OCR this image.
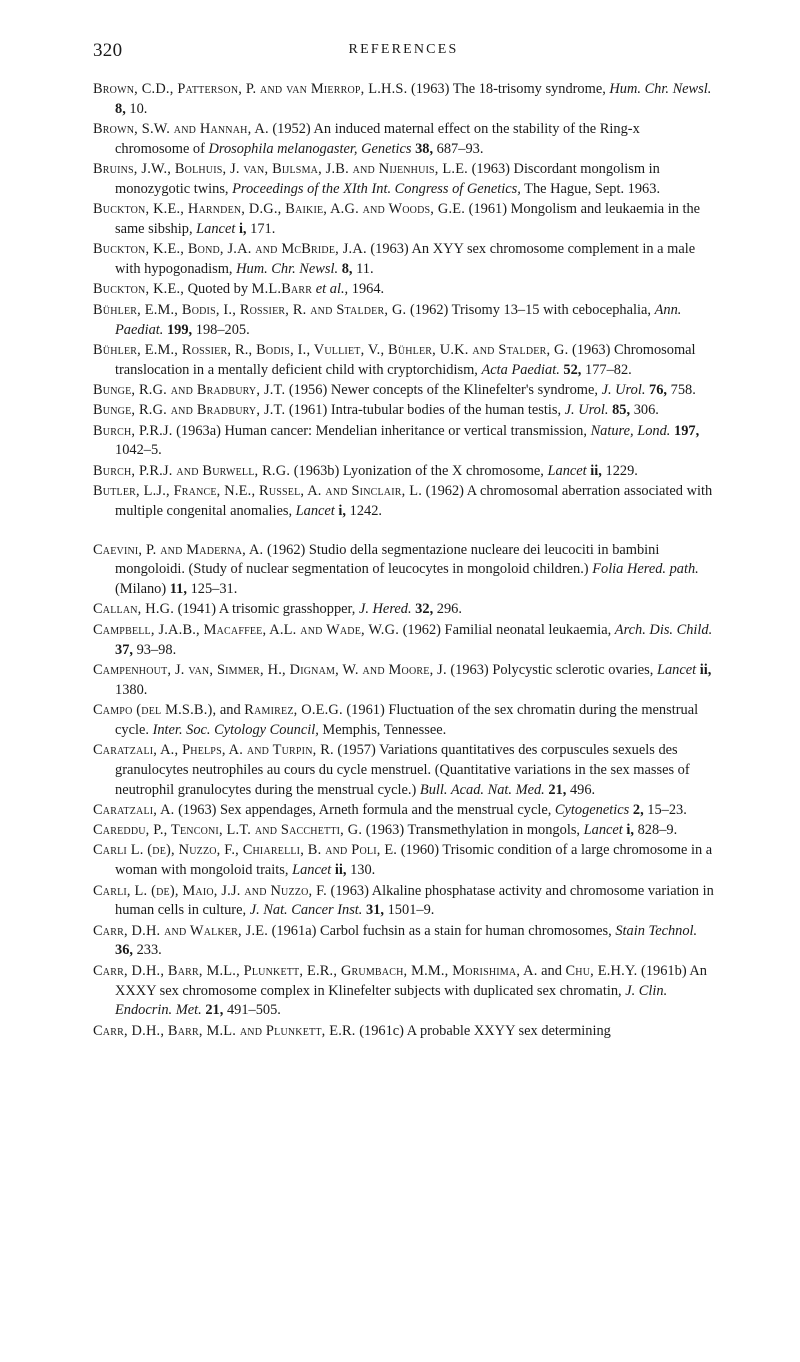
320	REFERENCES
Brown, C.D., Patterson, P. and van Mierrop, L.H.S. (1963) The 18-trisomy syndrome, Hum. Chr. Newsl. 8, 10.
Brown, S.W. and Hannah, A. (1952) An induced maternal effect on the stability of the Ring-x chromosome of Drosophila melanogaster, Genetics 38, 687–93.
Bruins, J.W., Bolhuis, J. van, Bijlsma, J.B. and Nijenhuis, L.E. (1963) Discordant mongolism in monozygotic twins, Proceedings of the XIth Int. Congress of Genetics, The Hague, Sept. 1963.
Buckton, K.E., Harnden, D.G., Baikie, A.G. and Woods, G.E. (1961) Mongolism and leukaemia in the same sibship, Lancet i, 171.
Buckton, K.E., Bond, J.A. and McBride, J.A. (1963) An XYY sex chromosome complement in a male with hypogonadism, Hum. Chr. Newsl. 8, 11.
Buckton, K.E., Quoted by M.L.Barr et al., 1964.
Bühler, E.M., Bodis, I., Rossier, R. and Stalder, G. (1962) Trisomy 13–15 with cebocephalia, Ann. Paediat. 199, 198–205.
Bühler, E.M., Rossier, R., Bodis, I., Vulliet, V., Bühler, U.K. and Stalder, G. (1963) Chromosomal translocation in a mentally deficient child with cryptorchidism, Acta Paediat. 52, 177–82.
Bunge, R.G. and Bradbury, J.T. (1956) Newer concepts of the Klinefelter's syndrome, J. Urol. 76, 758.
Bunge, R.G. and Bradbury, J.T. (1961) Intra-tubular bodies of the human testis, J. Urol. 85, 306.
Burch, P.R.J. (1963a) Human cancer: Mendelian inheritance or vertical transmission, Nature, Lond. 197, 1042–5.
Burch, P.R.J. and Burwell, R.G. (1963b) Lyonization of the X chromosome, Lancet ii, 1229.
Butler, L.J., France, N.E., Russel, A. and Sinclair, L. (1962) A chromosomal aberration associated with multiple congenital anomalies, Lancet i, 1242.
Caevini, P. and Maderna, A. (1962) Studio della segmentazione nucleare dei leucociti in bambini mongoloidi. (Study of nuclear segmentation of leucocytes in mongoloid children.) Folia Hered. path. (Milano) 11, 125–31.
Callan, H.G. (1941) A trisomic grasshopper, J. Hered. 32, 296.
Campbell, J.A.B., Macaffee, A.L. and Wade, W.G. (1962) Familial neonatal leukaemia, Arch. Dis. Child. 37, 93–98.
Campenhout, J. van, Simmer, H., Dignam, W. and Moore, J. (1963) Polycystic sclerotic ovaries, Lancet ii, 1380.
Campo (del M.S.B.), and Ramirez, O.E.G. (1961) Fluctuation of the sex chromatin during the menstrual cycle. Inter. Soc. Cytology Council, Memphis, Tennessee.
Caratzali, A., Phelps, A. and Turpin, R. (1957) Variations quantitatives des corpuscules sexuels des granulocytes neutrophiles au cours du cycle menstruel. (Quantitative variations in the sex masses of neutrophil granulocytes during the menstrual cycle.) Bull. Acad. Nat. Med. 21, 496.
Caratzali, A. (1963) Sex appendages, Arneth formula and the menstrual cycle, Cytogenetics 2, 15–23.
Careddu, P., Tenconi, L.T. and Sacchetti, G. (1963) Transmethylation in mongols, Lancet i, 828–9.
Carli L. (de), Nuzzo, F., Chiarelli, B. and Poli, E. (1960) Trisomic condition of a large chromosome in a woman with mongoloid traits, Lancet ii, 130.
Carli, L. (de), Maio, J.J. and Nuzzo, F. (1963) Alkaline phosphatase activity and chromosome variation in human cells in culture, J. Nat. Cancer Inst. 31, 1501–9.
Carr, D.H. and Walker, J.E. (1961a) Carbol fuchsin as a stain for human chromosomes, Stain Technol. 36, 233.
Carr, D.H., Barr, M.L., Plunkett, E.R., Grumbach, M.M., Morishima, A. and Chu, E.H.Y. (1961b) An XXXY sex chromosome complex in Klinefelter subjects with duplicated sex chromatin, J. Clin. Endocrin. Met. 21, 491–505.
Carr, D.H., Barr, M.L. and Plunkett, E.R. (1961c) A probable XXYY sex determining
